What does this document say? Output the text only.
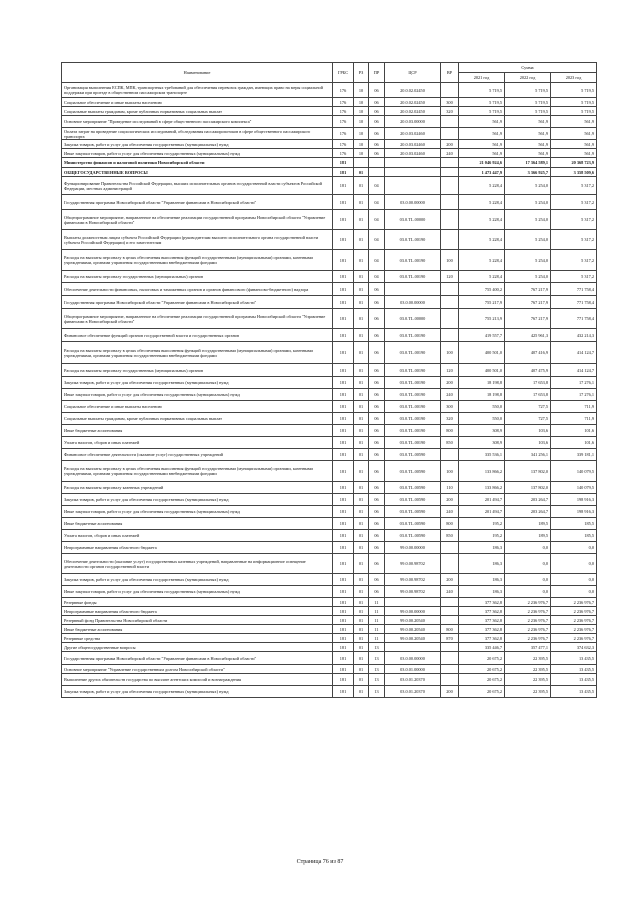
Наименование	ГРБС	РЗ	ПР	ЦСР	ВР	Сумма		
						2021 год	2022 год	2023 год
Организация выполнения ЕСПК, МПК, транспортных требований для обеспечения перевозок граждан, имеющих право на меры социальной поддержки при проезде в общественном пассажирском транспорте	176	10	06	20.0.02.02450		5 719,5	5 719,5	5 719,5
Социальное обеспечение и иные выплаты населению	176	10	06	20.0.02.02450	300	5 719,5	5 719,5	5 719,5
Социальные выплаты гражданам, кроме публичных нормативных социальных выплат	176	10	06	20.0.02.02450	320	5 719,5	5 719,5	5 719,5
Основное мероприятие "Проведение исследований в сфере общественного пассажирского комплекса"	176	10	06	20.0.03.00000		561,9	561,9	561,9
Оплата затрат на проведение социологических исследований, обследования пассажиропотоков в сфере общественного пассажирского транспорта	176	10	06	20.0.03.02460		561,9	561,9	561,9
Закупка товаров, работ и услуг для обеспечения государственных (муниципальных) нужд	176	10	06	20.0.03.02460	200	561,9	561,9	561,9
Иные закупки товаров, работ и услуг для обеспечения государственных (муниципальных) нужд	176	10	06	20.0.03.02460	240	561,9	561,9	561,9
Министерство финансов и налоговой политики Новосибирской области	181					21 046 924,6	17 364 589,1	20 368 723,9
ОБЩЕГОСУДАРСТВЕННЫЕ ВОПРОСЫ	181	01				1 473 447,9	3 366 925,7	3 358 509,6
Функционирование Правительства Российской Федерации, высших исполнительных органов государственной власти субъектов Российской Федерации, местных администраций	181	01	04			5 228,4	5 254,0	5 317,2
Государственная программа Новосибирской области "Управление финансами в Новосибирской области"	181	01	04	03.0.00.00000		5 228,4	5 254,0	5 317,2
Общепрограммное мероприятие, направленное на обеспечение реализации государственной программы Новосибирской области "Управление финансами в Новосибирской области"	181	01	04	03.0.TL.00000		5 228,4	5 254,0	5 317,2
Выплаты должностным лицам субъекта Российской Федерации (руководителям высшего исполнительного органа государственной власти субъекта Российской Федерации) и его заместителям	181	01	04	03.0.TL.00190		5 228,4	5 254,0	5 317,2
Расходы на выплаты персоналу в целях обеспечения выполнения функций государственными (муниципальными) органами, казенными учреждениями, органами управления государственными внебюджетными фондами	181	01	04	03.0.TL.00190	100	5 228,4	5 254,0	5 317,2
Расходы на выплаты персоналу государственных (муниципальных) органов	181	01	04	03.0.TL.00190	120	5 228,4	5 254,0	5 317,2
Обеспечение деятельности финансовых, налоговых и таможенных органов и органов финансового (финансово-бюджетного) надзора	181	01	06			755 400,2	767 217,9	771 758,4
Государственная программа Новосибирской области "Управление финансами в Новосибирской области"	181	01	06	03.0.00.00000		755 217,9	767 217,9	771 758,4
Общепрограммное мероприятие, направленное на обеспечение реализации государственной программы Новосибирской области "Управление финансами в Новосибирской области"	181	01	06	03.0.TL.00000		755 213,9	767 217,9	771 758,4
Финансовое обеспечение функций органов государственной власти и государственных органов	181	01	06	03.0.TL.00190		419 557,7	425 961,3	432 214,3
Расходы на выплаты персоналу в целях обеспечения выполнения функций государственными (муниципальными) органами, казенными учреждениями, органами управления государственными внебюджетными фондами	181	01	06	03.0.TL.00190	100	400 501,0	407 416,9	414 124,7
Расходы на выплаты персоналу государственных (муниципальных) органов	181	01	06	03.0.TL.00190	120	400 501,0	407 475,9	414 124,7
Закупка товаров, работ и услуг для обеспечения государственных (муниципальных) нужд	181	01	06	03.0.TL.00190	200	18 198,8	17 653,8	17 276,1
Иные закупки товаров, работ и услуг для обеспечения государственных (муниципальных) нужд	181	01	06	03.0.TL.00190	240	18 198,8	17 653,8	17 276,1
Социальное обеспечение и иные выплаты населению	181	01	06	03.0.TL.00190	300	550,0	727,5	711,9
Социальные выплаты гражданам, кроме публичных нормативных социальных выплат	181	01	06	03.0.TL.00190	320	550,0	727,5	711,9
Иные бюджетные ассигнования	181	01	06	03.0.TL.00190	800	308,9	103,6	101,6
Уплата налогов, сборов и иных платежей	181	01	06	03.0.TL.00190	850	308,9	103,6	101,6
Финансовое обеспечение деятельности (оказание услуг) государственных учреждений	181	01	06	03.0.TL.00590		335 536,1	341 256,1	339 181,1
Расходы на выплаты персоналу в целях обеспечения выполнения функций государственными (муниципальными) органами, казенными учреждениями, органами управления государственными внебюджетными фондами	181	01	06	03.0.TL.00590	100	133 866,2	137 802,0	140 079,5
Расходы на выплаты персоналу казенных учреждений	181	01	06	03.0.TL.00590	110	133 866,2	137 802,0	140 079,5
Закупка товаров, работ и услуг для обеспечения государственных (муниципальных) нужд	181	01	06	03.0.TL.00590	200	201 494,7	203 264,7	198 916,3
Иные закупки товаров, работ и услуг для обеспечения государственных (муниципальных) нужд	181	01	06	03.0.TL.00590	240	201 494,7	203 264,7	198 916,3
Иные бюджетные ассигнования	181	01	06	03.0.TL.00590	800	195,2	189,5	185,5
Уплата налогов, сборов и иных платежей	181	01	06	03.0.TL.00590	850	195,2	189,5	185,5
Непрограммные направления областного бюджета	181	01	06	99.0.00.00000		186,3	0,0	0,0
Обеспечение деятельности (оказание услуг) государственных казенных учреждений, направленные на информационное освещение деятельности органов государственной власти	181	01	06	99.0.00.98702		186,3	0,0	0,0
Закупка товаров, работ и услуг для обеспечения государственных (муниципальных) нужд	181	01	06	99.0.00.98702	200	186,3	0,0	0,0
Иные закупки товаров, работ и услуг для обеспечения государственных (муниципальных) нужд	181	01	06	99.0.00.98702	240	186,3	0,0	0,0
Резервные фонды	181	01	11			377 362,8	2 236 976,7	2 236 976,7
Непрограммные направления областного бюджета	181	01	11	99.0.00.00000		377 362,8	2 236 976,7	2 236 976,7
Резервный фонд Правительства Новосибирской области	181	01	11	99.0.00.20540		377 362,8	2 236 976,7	2 236 976,7
Иные бюджетные ассигнования	181	01	11	99.0.00.20540	800	377 362,8	2 236 976,7	2 236 976,7
Резервные средства	181	01	11	99.0.00.20540	870	377 362,8	2 236 976,7	2 236 976,7
Другие общегосударственные вопросы	181	01	13			335 446,7	357 477,1	374 632,3
Государственная программа Новосибирской области "Управление финансами в Новосибирской области"	181	01	13	03.0.00.00000		20 675,2	22 395,5	13 435,5
Основное мероприятие "Управление государственным долгом Новосибирской области"	181	01	13	03.0.01.00000		20 675,2	22 395,5	13 435,5
Выполнение других обязательств государства по выплате агентских комиссий и вознаграждения	181	01	13	03.0.01.20370		20 675,2	22 395,5	13 435,5
Закупка товаров, работ и услуг для обеспечения государственных (муниципальных) нужд	181	01	13	03.0.01.20370	200	20 675,2	22 395,5	13 435,5
Страница 76 из 87
